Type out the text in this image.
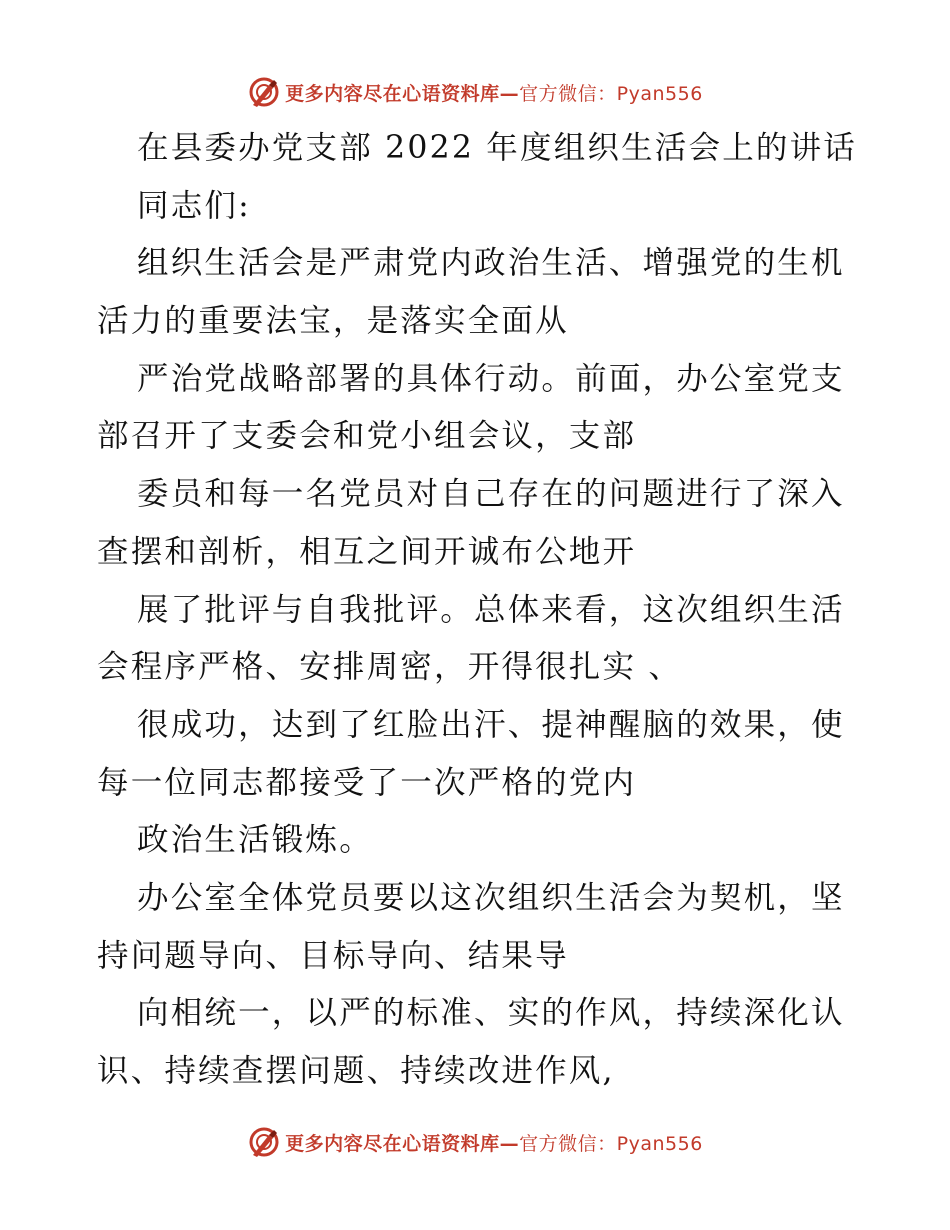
更多内容尽在心语资料库—官方微信：Pyan556
在县委办党支部 2022 年度组织生活会上的讲话
同志们:
组织生活会是严肃党内政治生活、增强党的生机
活力的重要法宝，是落实全面从
严治党战略部署的具体行动。前面，办公室党支
部召开了支委会和党小组会议，支部
委员和每一名党员对自己存在的问题进行了深入
查摆和剖析，相互之间开诚布公地开
展了批评与自我批评。总体来看，这次组织生活
会程序严格、安排周密，开得很扎实 、
很成功，达到了红脸出汗、提神醒脑的效果，使
每一位同志都接受了一次严格的党内
政治生活锻炼。
办公室全体党员要以这次组织生活会为契机，坚
持问题导向、目标导向、结果导
向相统一，以严的标准、实的作风，持续深化认
识、持续查摆问题、持续改进作风,
更多内容尽在心语资料库—官方微信：Pyan556
